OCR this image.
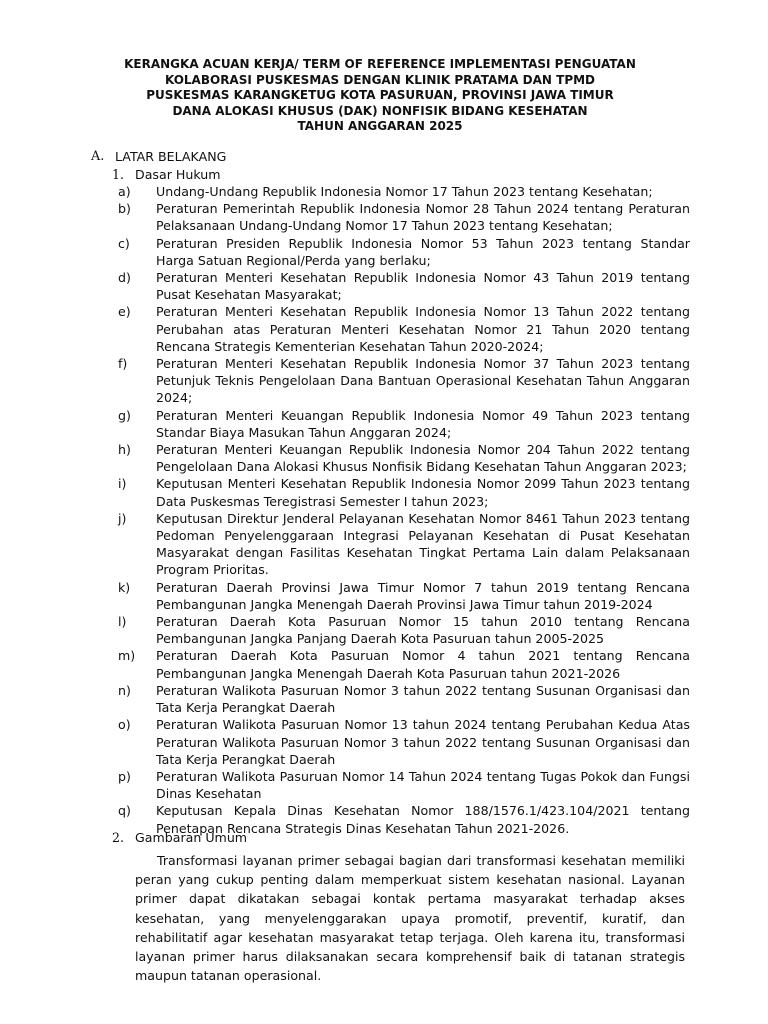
KERANGKA ACUAN KERJA/ TERM OF REFERENCE IMPLEMENTASI PENGUATAN
KOLABORASI PUSKESMAS DENGAN KLINIK PRATAMA DAN TPMD
PUSKESMAS KARANGKETUG KOTA PASURUAN, PROVINSI JAWA TIMUR
DANA ALOKASI KHUSUS (DAK) NONFISIK BIDANG KESEHATAN
TAHUN ANGGARAN 2025
A. LATAR BELAKANG
1. Dasar Hukum
a)	Undang-Undang Republik Indonesia Nomor 17 Tahun 2023 tentang Kesehatan;
b)	Peraturan Pemerintah Republik Indonesia Nomor 28 Tahun 2024 tentang Peraturan Pelaksanaan Undang-Undang Nomor 17 Tahun 2023 tentang Kesehatan;
c)	Peraturan Presiden Republik Indonesia Nomor 53 Tahun 2023 tentang Standar Harga Satuan Regional/Perda yang berlaku;
d)	Peraturan Menteri Kesehatan Republik Indonesia Nomor 43 Tahun 2019 tentang Pusat Kesehatan Masyarakat;
e)	Peraturan Menteri Kesehatan Republik Indonesia Nomor 13 Tahun 2022 tentang Perubahan atas Peraturan Menteri Kesehatan Nomor 21 Tahun 2020 tentang Rencana Strategis Kementerian Kesehatan Tahun 2020-2024;
f)	Peraturan Menteri Kesehatan Republik Indonesia Nomor 37 Tahun 2023 tentang Petunjuk Teknis Pengelolaan Dana Bantuan Operasional Kesehatan Tahun Anggaran 2024;
g)	Peraturan Menteri Keuangan Republik Indonesia Nomor 49 Tahun 2023 tentang Standar Biaya Masukan Tahun Anggaran 2024;
h)	Peraturan Menteri Keuangan Republik Indonesia Nomor 204 Tahun 2022 tentang Pengelolaan Dana Alokasi Khusus Nonfisik Bidang Kesehatan Tahun Anggaran 2023;
i)	Keputusan Menteri Kesehatan Republik Indonesia Nomor 2099 Tahun 2023 tentang Data Puskesmas Teregistrasi Semester I tahun 2023;
j)	Keputusan Direktur Jenderal Pelayanan Kesehatan Nomor 8461 Tahun 2023 tentang Pedoman Penyelenggaraan Integrasi Pelayanan Kesehatan di Pusat Kesehatan Masyarakat dengan Fasilitas Kesehatan Tingkat Pertama Lain dalam Pelaksanaan Program Prioritas.
k)	Peraturan Daerah Provinsi Jawa Timur Nomor 7 tahun 2019 tentang Rencana Pembangunan Jangka Menengah Daerah Provinsi Jawa Timur tahun 2019-2024
l)	Peraturan Daerah Kota Pasuruan Nomor 15 tahun 2010 tentang Rencana Pembangunan Jangka Panjang Daerah Kota Pasuruan tahun 2005-2025
m)	Peraturan Daerah Kota Pasuruan Nomor 4 tahun 2021 tentang Rencana Pembangunan Jangka Menengah Daerah Kota Pasuruan tahun 2021-2026
n)	Peraturan Walikota Pasuruan Nomor 3 tahun 2022 tentang Susunan Organisasi dan Tata Kerja Perangkat Daerah
o)	Peraturan Walikota Pasuruan Nomor 13 tahun 2024 tentang Perubahan Kedua Atas Peraturan Walikota Pasuruan Nomor 3 tahun 2022 tentang Susunan Organisasi dan Tata Kerja Perangkat Daerah
p)	Peraturan Walikota Pasuruan Nomor 14 Tahun 2024 tentang Tugas Pokok dan Fungsi Dinas Kesehatan
q)	Keputusan Kepala Dinas Kesehatan Nomor 188/1576.1/423.104/2021 tentang Penetapan Rencana Strategis Dinas Kesehatan Tahun 2021-2026.
2. Gambaran Umum

Transformasi layanan primer sebagai bagian dari transformasi kesehatan memiliki peran yang cukup penting dalam memperkuat sistem kesehatan nasional. Layanan primer dapat dikatakan sebagai kontak pertama masyarakat terhadap akses kesehatan, yang menyelenggarakan upaya promotif, preventif, kuratif, dan rehabilitatif agar kesehatan masyarakat tetap terjaga. Oleh karena itu, transformasi layanan primer harus dilaksanakan secara komprehensif baik di tatanan strategis maupun tatanan operasional.
